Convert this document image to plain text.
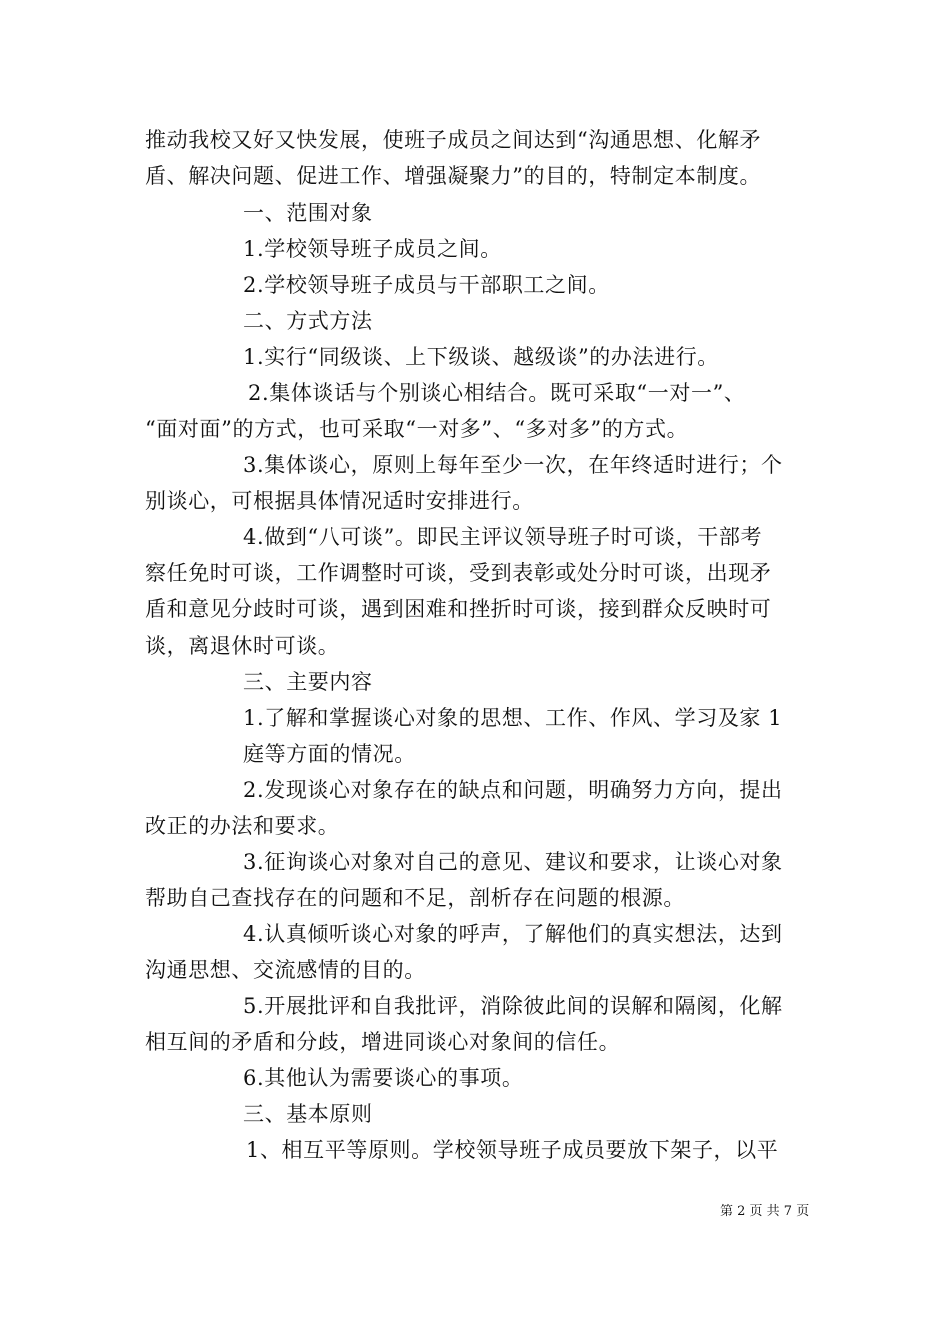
推动我校又好又快发展，使班子成员之间达到“沟通思想、化解矛
盾、解决问题、促进工作、增强凝聚力”的目的，特制定本制度。
一、范围对象
1.学校领导班子成员之间。
2.学校领导班子成员与干部职工之间。
二、方式方法
1.实行“同级谈、上下级谈、越级谈”的办法进行。
2.集体谈话与个别谈心相结合。既可采取“一对一”、
“面对面”的方式，也可采取“一对多”、“多对多”的方式。
3.集体谈心，原则上每年至少一次，在年终适时进行；个
别谈心，可根据具体情况适时安排进行。
4.做到“八可谈”。即民主评议领导班子时可谈，干部考
察任免时可谈，工作调整时可谈，受到表彰或处分时可谈，出现矛
盾和意见分歧时可谈，遇到困难和挫折时可谈，接到群众反映时可
谈，离退休时可谈。
三、主要内容
1.了解和掌握谈心对象的思想、工作、作风、学习及家 1
庭等方面的情况。
2.发现谈心对象存在的缺点和问题，明确努力方向，提出
改正的办法和要求。
3.征询谈心对象对自己的意见、建议和要求，让谈心对象
帮助自己查找存在的问题和不足，剖析存在问题的根源。
4.认真倾听谈心对象的呼声，了解他们的真实想法，达到
沟通思想、交流感情的目的。
5.开展批评和自我批评，消除彼此间的误解和隔阂，化解
相互间的矛盾和分歧，增进同谈心对象间的信任。
6.其他认为需要谈心的事项。
三、基本原则
1、相互平等原则。学校领导班子成员要放下架子，以平
第 2 页 共 7 页
